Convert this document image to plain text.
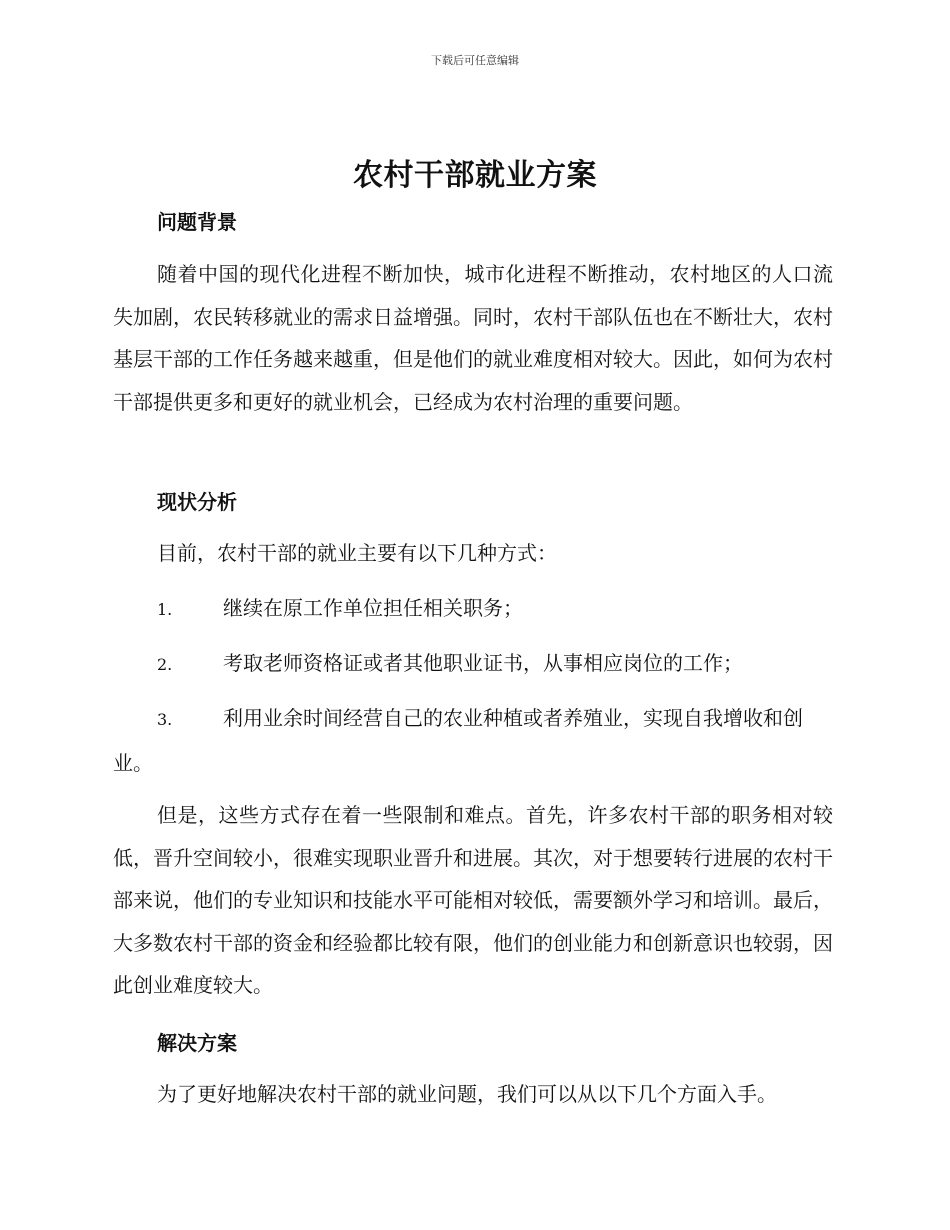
下载后可任意编辑
农村干部就业方案
问题背景

随着中国的现代化进程不断加快，城市化进程不断推动，农村地区的人口流失加剧，农民转移就业的需求日益增强。同时，农村干部队伍也在不断壮大，农村基层干部的工作任务越来越重，但是他们的就业难度相对较大。因此，如何为农村干部提供更多和更好的就业机会，已经成为农村治理的重要问题。

现状分析

目前，农村干部的就业主要有以下几种方式：

1.	继续在原工作单位担任相关职务；

2.	考取老师资格证或者其他职业证书，从事相应岗位的工作；

3.	利用业余时间经营自己的农业种植或者养殖业，实现自我增收和创业。

但是，这些方式存在着一些限制和难点。首先，许多农村干部的职务相对较低，晋升空间较小，很难实现职业晋升和进展。其次，对于想要转行进展的农村干部来说，他们的专业知识和技能水平可能相对较低，需要额外学习和培训。最后，大多数农村干部的资金和经验都比较有限，他们的创业能力和创新意识也较弱，因此创业难度较大。

解决方案

为了更好地解决农村干部的就业问题，我们可以从以下几个方面入手。
